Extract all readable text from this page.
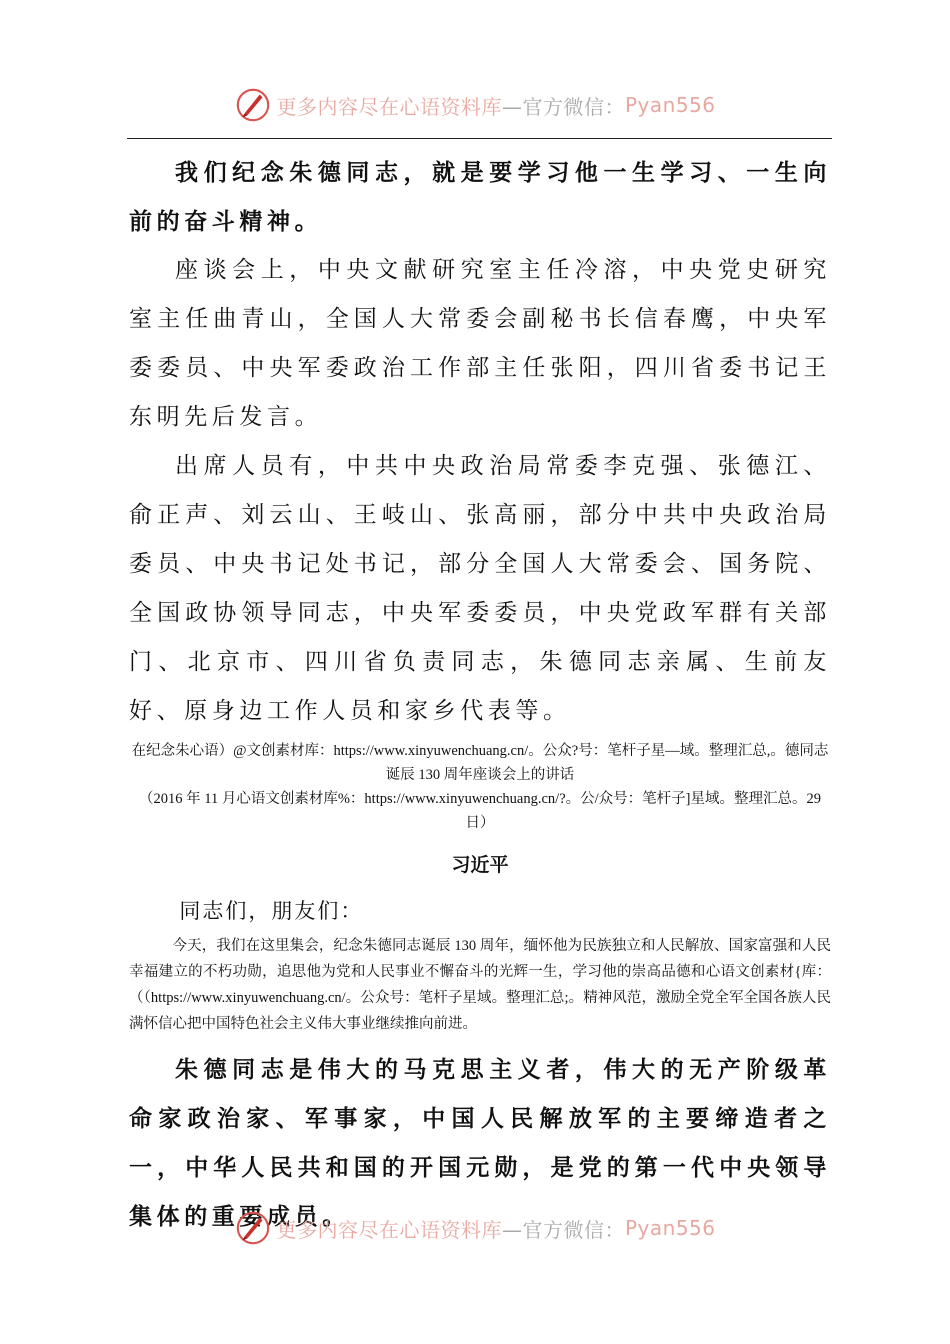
更多内容尽在心语资料库 —官方微信： Pyan556

我们纪念朱德同志，就是要学习他一生学习、一生向前的奋斗精神。

座谈会上，中央文献研究室主任冷溶，中央党史研究室主任曲青山，全国人大常委会副秘书长信春鹰，中央军委委员、中央军委政治工作部主任张阳，四川省委书记王东明先后发言。

出席人员有，中共中央政治局常委李克强、张德江、俞正声、刘云山、王岐山、张高丽，部分中共中央政治局委员、中央书记处书记，部分全国人大常委会、国务院、全国政协领导同志，中央军委委员，中央党政军群有关部门、北京市、四川省负责同志，朱德同志亲属、生前友好、原身边工作人员和家乡代表等。

在纪念朱心语）@文创素材库：https://www.xinyuwenchuang.cn/。公众?号：笔杆子星—域。整理汇总,。德同志诞辰 130 周年座谈会上的讲话

（2016 年 11 月心语文创素材库%：https://www.xinyuwenchuang.cn/?。公/众号：笔杆子]星域。整理汇总。29 日）

习近平

同志们，朋友们：

今天，我们在这里集会，纪念朱德同志诞辰 130 周年，缅怀他为民族独立和人民解放、国家富强和人民幸福建立的不朽功勋，追思他为党和人民事业不懈奋斗的光辉一生，学习他的崇高品德和心语文创素材{库：（（https://www.xinyuwenchuang.cn/。公众号：笔杆子星域。整理汇总;。精神风范，激励全党全军全国各族人民满怀信心把中国特色社会主义伟大事业继续推向前进。

朱德同志是伟大的马克思主义者，伟大的无产阶级革命家政治家、军事家，中国人民解放军的主要缔造者之一，中华人民共和国的开国元勋，是党的第一代中央领导集体的重要成员。

更多内容尽在心语资料库 —官方微信： Pyan556
